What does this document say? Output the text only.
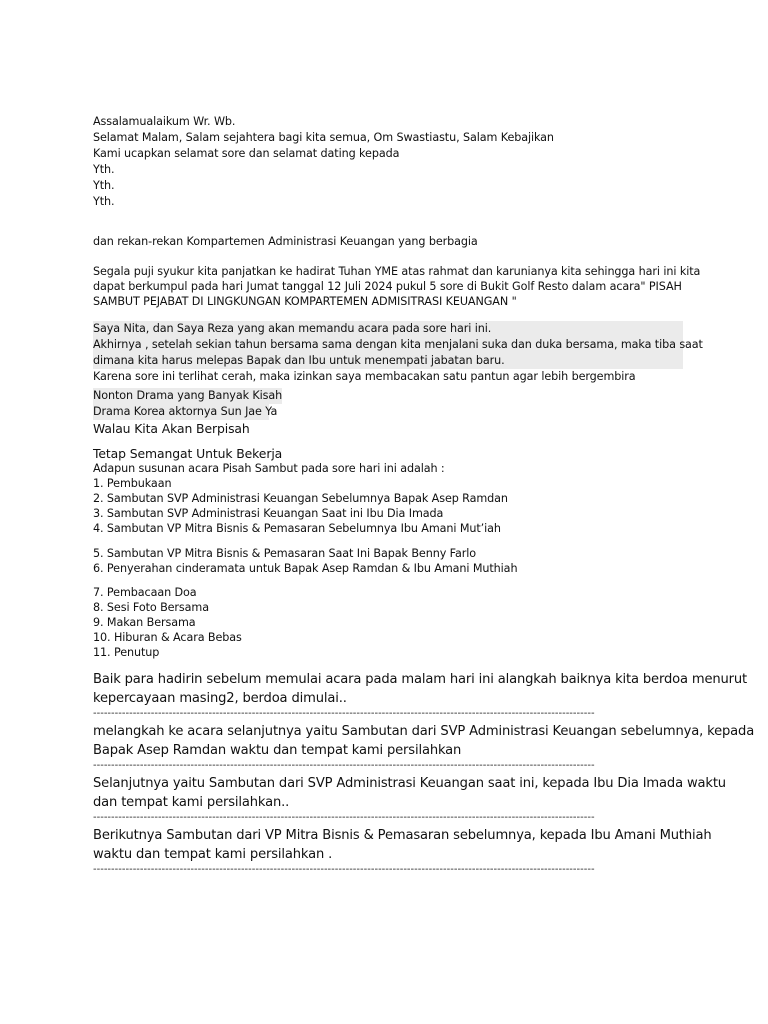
Assalamualaikum Wr. Wb.
Selamat Malam, Salam sejahtera bagi kita semua, Om Swastiastu, Salam Kebajikan
Kami ucapkan selamat sore dan selamat dating kepada
Yth.
Yth.
Yth.
dan rekan-rekan Kompartemen Administrasi Keuangan yang berbagia
Segala puji syukur kita panjatkan ke hadirat Tuhan YME atas rahmat dan karunianya kita sehingga hari ini kita
dapat berkumpul pada hari Jumat tanggal 12 Juli 2024 pukul 5 sore di Bukit Golf Resto dalam acara" PISAH
SAMBUT PEJABAT DI LINGKUNGAN KOMPARTEMEN ADMISITRASI KEUANGAN "
Saya Nita, dan Saya Reza yang akan memandu acara pada sore hari ini.
Akhirnya , setelah sekian tahun bersama sama dengan kita menjalani suka dan duka bersama, maka tiba saat
dimana kita harus melepas Bapak dan Ibu untuk menempati jabatan baru.
Karena sore ini terlihat cerah, maka izinkan saya membacakan satu pantun agar lebih bergembira
Nonton Drama yang Banyak Kisah
Drama Korea aktornya Sun Jae Ya
Walau Kita Akan Berpisah
Tetap Semangat Untuk Bekerja
Adapun susunan acara Pisah Sambut pada sore hari ini adalah :
1. Pembukaan
2. Sambutan SVP Administrasi Keuangan Sebelumnya Bapak Asep Ramdan
3. Sambutan SVP Administrasi Keuangan Saat ini Ibu Dia Imada
4. Sambutan VP Mitra Bisnis & Pemasaran Sebelumnya Ibu Amani Mut’iah
5. Sambutan VP Mitra Bisnis & Pemasaran Saat Ini Bapak Benny Farlo
6. Penyerahan cinderamata untuk Bapak Asep Ramdan & Ibu Amani Muthiah
7. Pembacaan Doa
8. Sesi Foto Bersama
9. Makan Bersama
10. Hiburan & Acara Bebas
11. Penutup
Baik para hadirin sebelum memulai acara pada malam hari ini alangkah baiknya kita berdoa menurut
kepercayaan masing2, berdoa dimulai..
-------------------------------------------------------------------------------------------------------------------------------------------
melangkah ke acara selanjutnya yaitu Sambutan dari SVP Administrasi Keuangan sebelumnya, kepada
Bapak Asep Ramdan waktu dan tempat kami persilahkan
-------------------------------------------------------------------------------------------------------------------------------------------
Selanjutnya yaitu Sambutan dari SVP Administrasi Keuangan saat ini, kepada Ibu Dia Imada waktu
dan tempat kami persilahkan..
-------------------------------------------------------------------------------------------------------------------------------------------
Berikutnya Sambutan dari VP Mitra Bisnis & Pemasaran sebelumnya, kepada Ibu Amani Muthiah
waktu dan tempat kami persilahkan .
-------------------------------------------------------------------------------------------------------------------------------------------
